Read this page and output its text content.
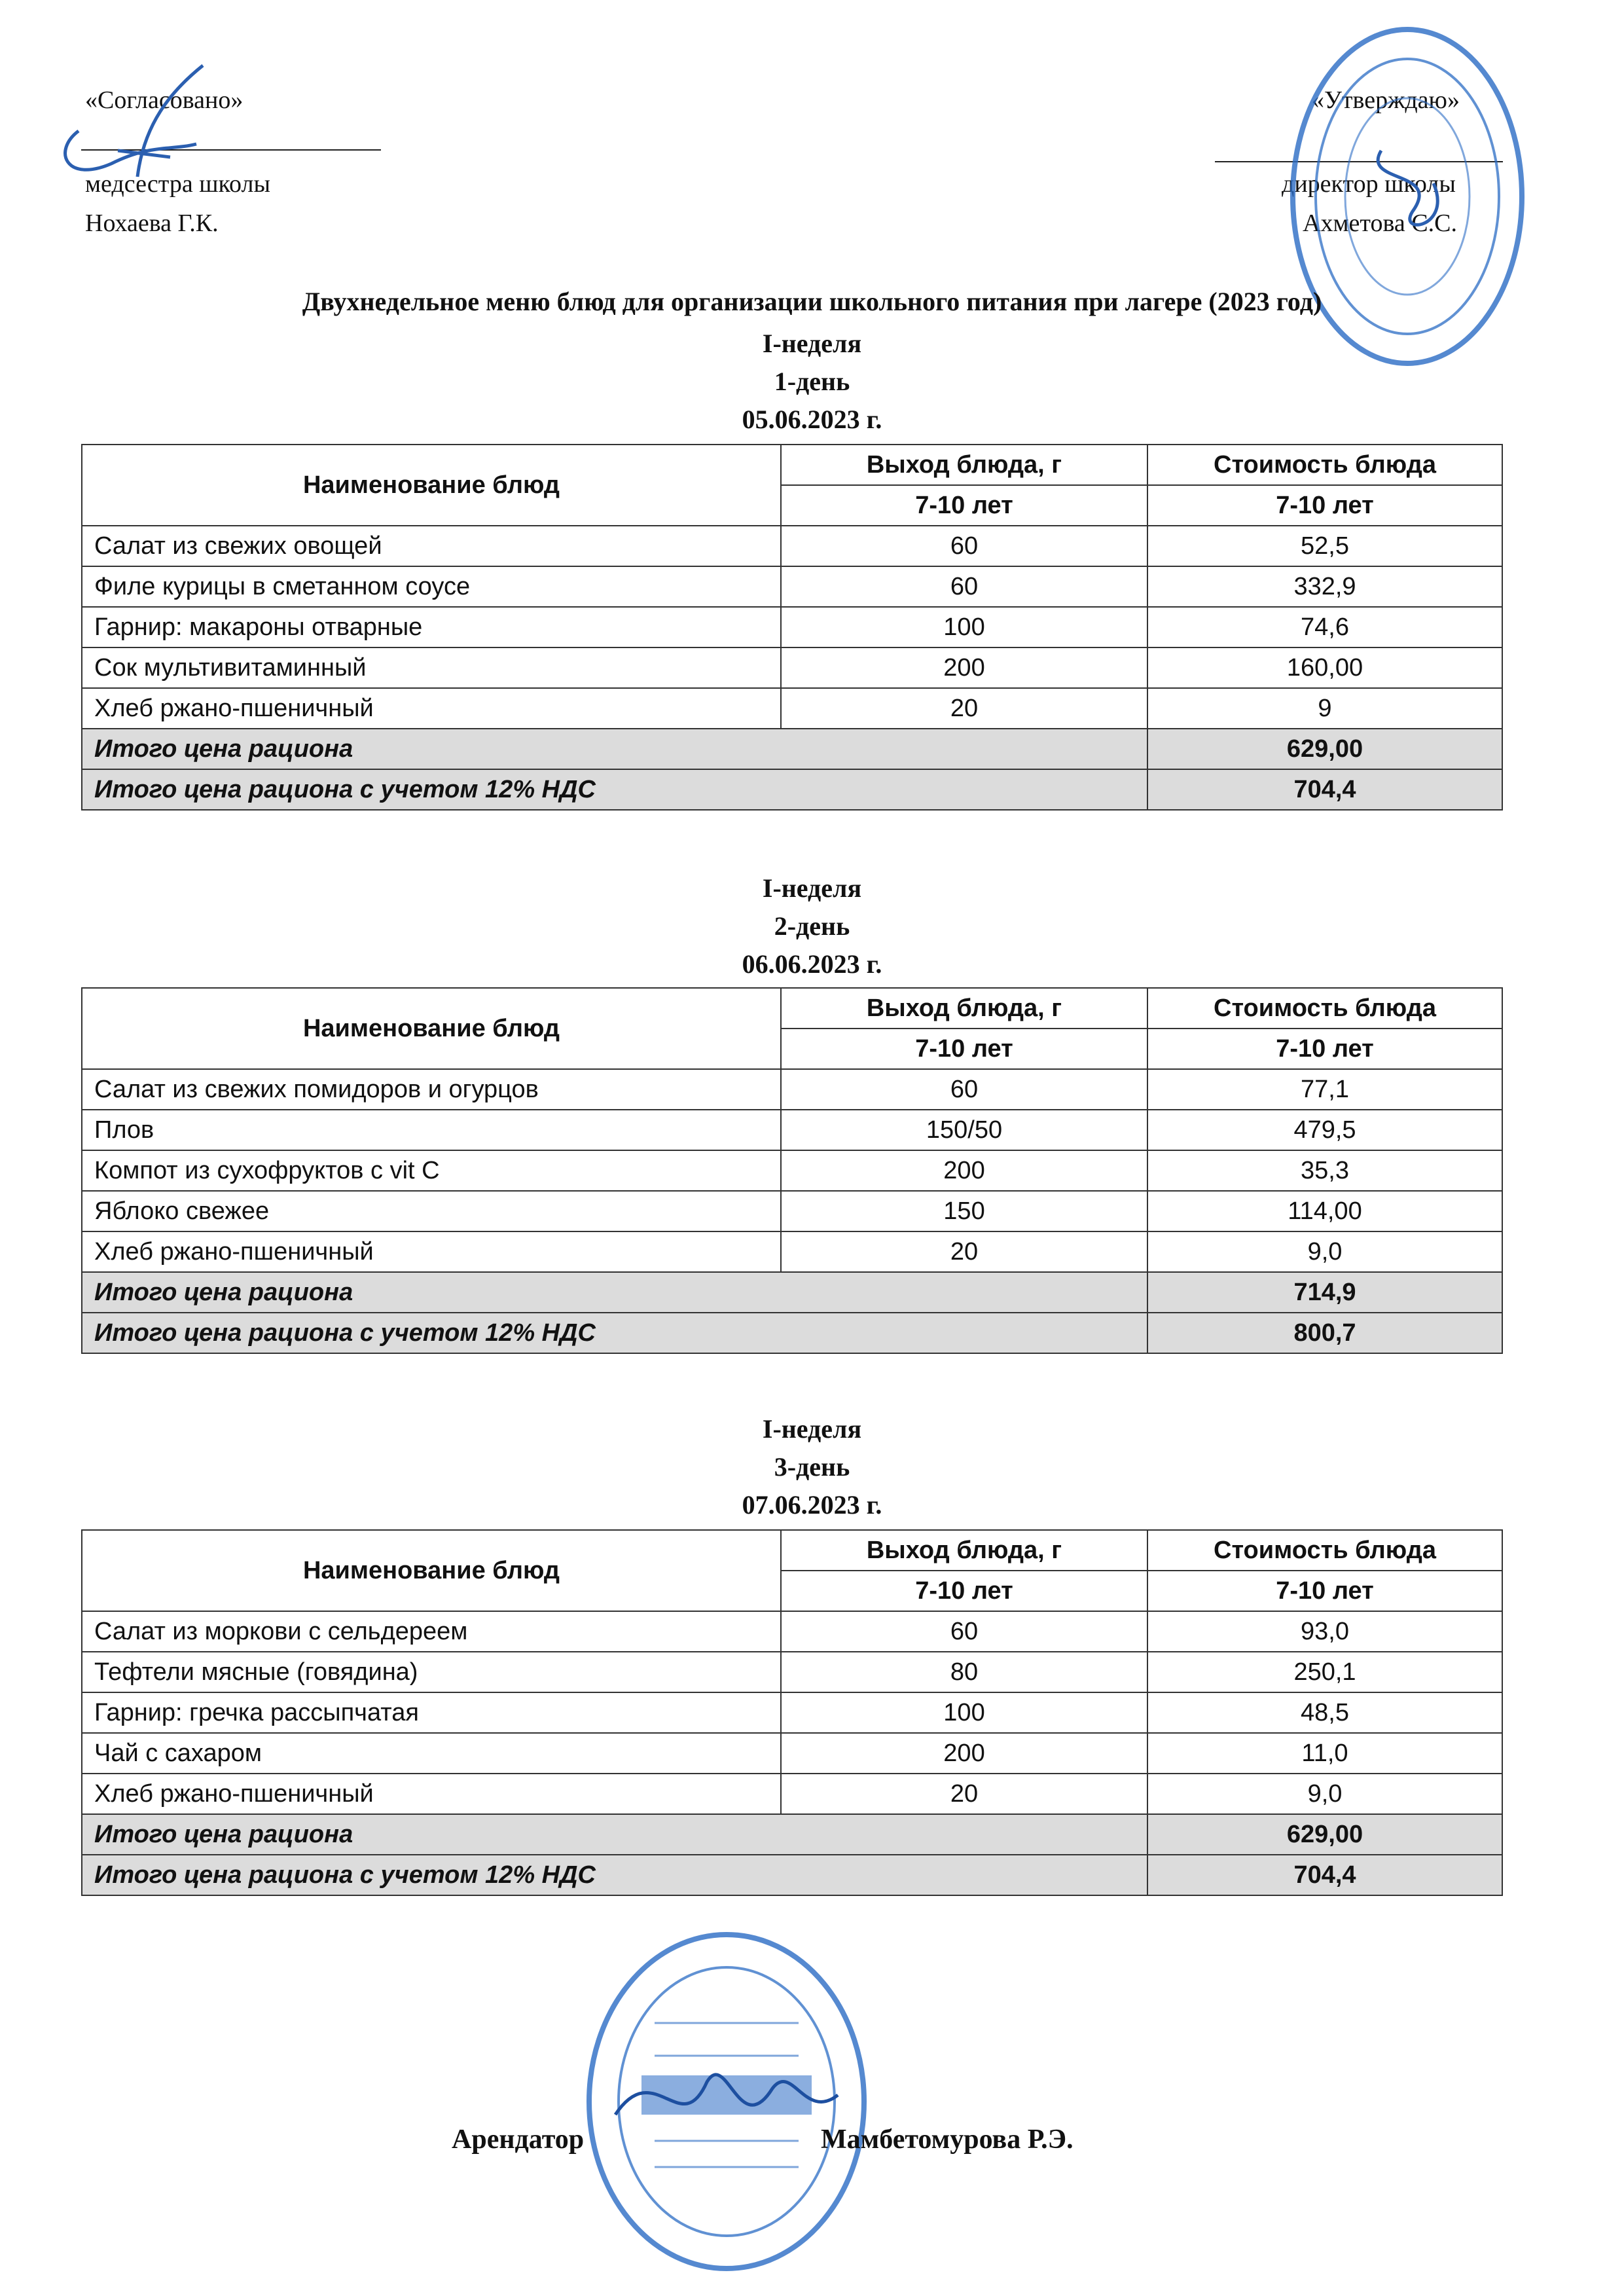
«Согласовано»
медсестра школы
Нохаева Г.К.
«Утверждаю»
директор школы
Ахметова С.С.
Двухнедельное меню блюд для организации школьного питания при лагере (2023 год)
I-неделя
1-день
05.06.2023 г.
Наименование блюд	Выход блюда, г	Стоимость блюда
	7-10 лет	7-10 лет
Салат из свежих овощей	60	52,5
Филе курицы в сметанном соусе	60	332,9
Гарнир: макароны отварные	100	74,6
Сок мультивитаминный	200	160,00
Хлеб ржано-пшеничный	20	9
Итого цена рациона		629,00
Итого цена рациона с учетом 12% НДС		704,4
I-неделя
2-день
06.06.2023 г.
Наименование блюд	Выход блюда, г	Стоимость блюда
	7-10 лет	7-10 лет
Салат из свежих помидоров и огурцов	60	77,1
Плов	150/50	479,5
Компот из сухофруктов с vit C	200	35,3
Яблоко свежее	150	114,00
Хлеб ржано-пшеничный	20	9,0
Итого цена рациона		714,9
Итого цена рациона с учетом 12% НДС		800,7
I-неделя
3-день
07.06.2023 г.
Наименование блюд	Выход блюда, г	Стоимость блюда
	7-10 лет	7-10 лет
Салат из моркови с сельдереем	60	93,0
Тефтели мясные (говядина)	80	250,1
Гарнир: гречка рассыпчатая	100	48,5
Чай с сахаром	200	11,0
Хлеб ржано-пшеничный	20	9,0
Итого цена рациона		629,00
Итого цена рациона с учетом 12% НДС		704,4
Арендатор	Мамбетомурова Р.Э.
